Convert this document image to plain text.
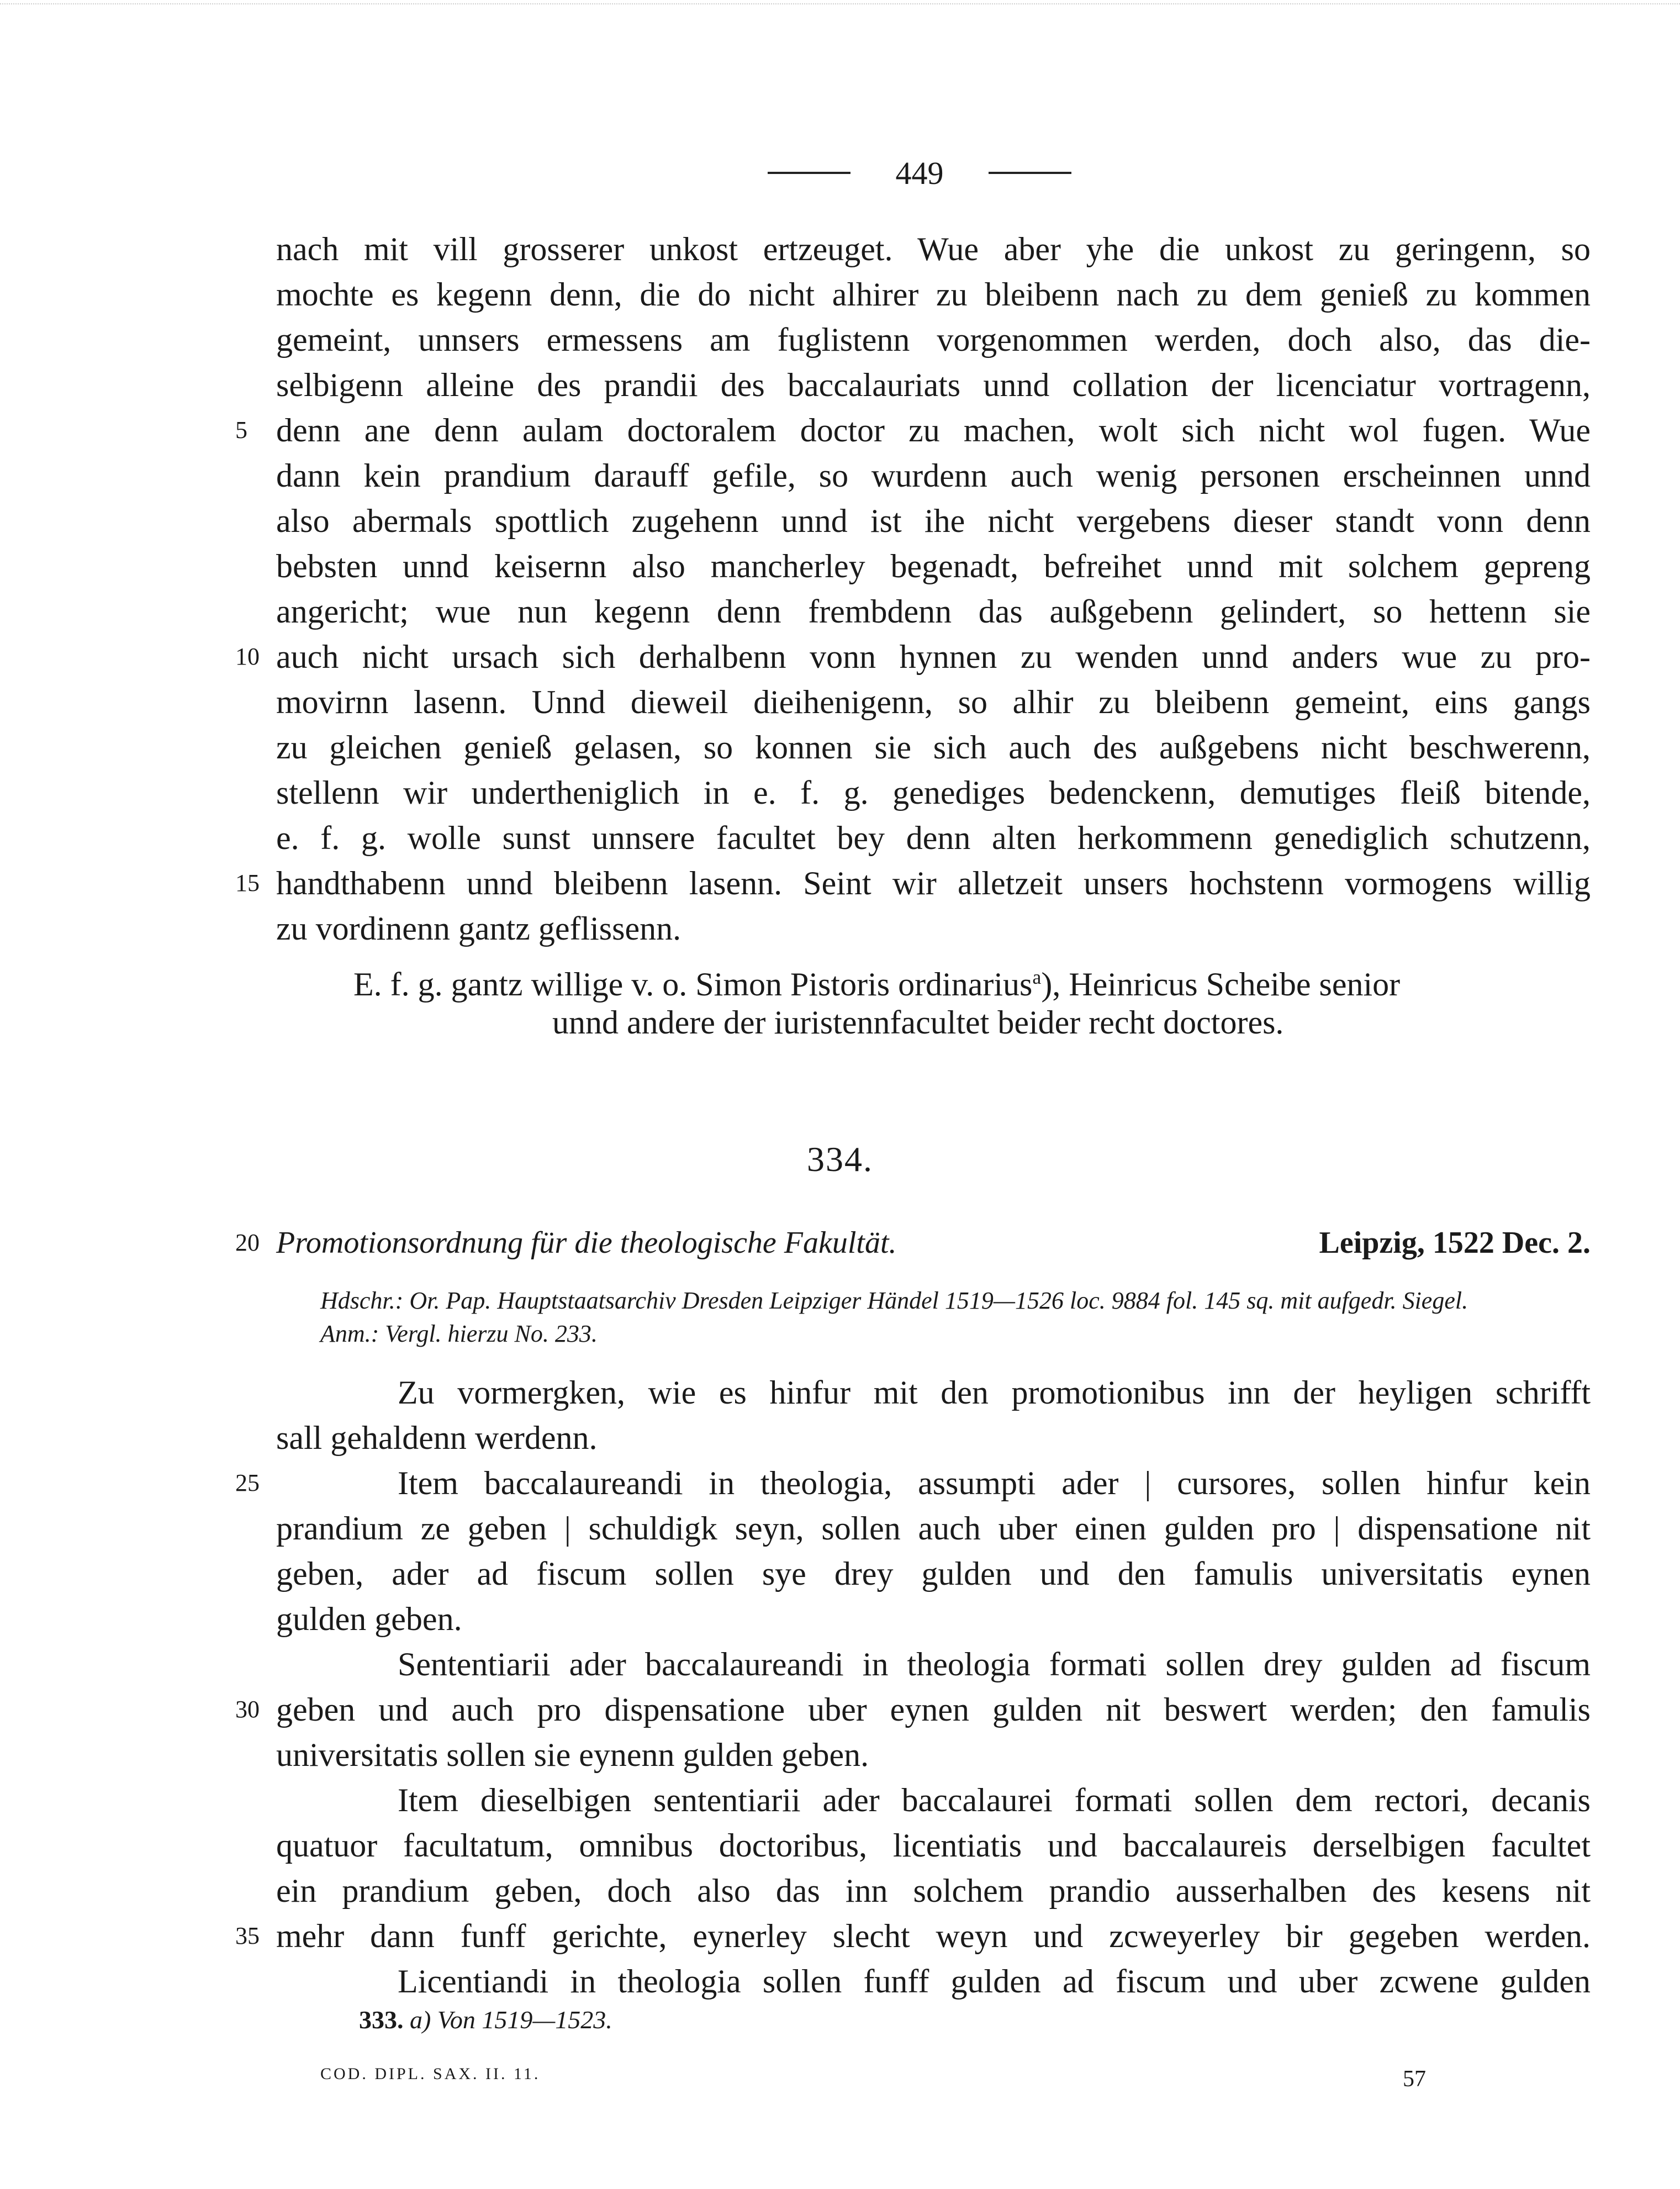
449
nach mit vill grosserer unkost ertzeuget. Wue aber yhe die unkost zu geringenn, so
mochte es kegenn denn, die do nicht alhirer zu bleibenn nach zu dem genieß zu kommen
gemeint, unnsers ermessens am fuglistenn vorgenommen werden, doch also, das die-
selbigenn alleine des prandii des baccalauriats unnd collation der licenciatur vortragenn,
5 denn ane denn aulam doctoralem doctor zu machen, wolt sich nicht wol fugen. Wue
dann kein prandium darauff gefile, so wurdenn auch wenig personen erscheinnen unnd
also abermals spottlich zugehenn unnd ist ihe nicht vergebens dieser standt vonn denn
bebsten unnd keisernn also mancherley begenadt, befreihet unnd mit solchem gepreng
angericht; wue nun kegenn denn frembdenn das außgebenn gelindert, so hettenn sie
10 auch nicht ursach sich derhalbenn vonn hynnen zu wenden unnd anders wue zu pro-
movirnn lasenn. Unnd dieweil dieihenigenn, so alhir zu bleibenn gemeint, eins gangs
zu gleichen genieß gelasen, so konnen sie sich auch des außgebens nicht beschwerenn,
stellenn wir undertheniglich in e. f. g. genediges bedenckenn, demutiges fleiß bitende,
e. f. g. wolle sunst unnsere facultet bey denn alten herkommenn genediglich schutzenn,
15 handthabenn unnd bleibenn lasenn. Seint wir alletzeit unsers hochstenn vormogens willig
zu vordinenn gantz geflissenn.
E. f. g. gantz willige v. o. Simon Pistoris ordinarius$^a$), Heinricus Scheibe senior
unnd andere der iuristennfacultet beider recht doctores.
334.
20 Promotionsordnung für die theologische Fakultät.	Leipzig, 1522 Dec. 2.
Hdschr.: Or. Pap. Hauptstaatsarchiv Dresden Leipziger Händel 1519—1526 loc. 9884 fol. 145 sq. mit aufgedr. Siegel.
Anm.: Vergl. hierzu No. 233.
Zu vormergken, wie es hinfur mit den promotionibus inn der heyligen schrifft
sall gehaldenn werdenn.
25	Item baccalaureandi in theologia, assumpti ader | cursores, sollen hinfur kein
prandium ze geben | schuldigk seyn, sollen auch uber einen gulden pro | dispensatione nit
geben, ader ad fiscum sollen sye drey gulden und den famulis universitatis eynen
gulden geben.
Sententiarii ader baccalaureandi in theologia formati sollen drey gulden ad fiscum
30 geben und auch pro dispensatione uber eynen gulden nit beswert werden; den famulis
universitatis sollen sie eynenn gulden geben.
Item dieselbigen sententiarii ader baccalaurei formati sollen dem rectori, decanis
quatuor facultatum, omnibus doctoribus, licentiatis und baccalaureis derselbigen facultet
ein prandium geben, doch also das inn solchem prandio ausserhalben des kesens nit
35 mehr dann funff gerichte, eynerley slecht weyn und zcweyerley bir gegeben werden.
Licentiandi in theologia sollen funff gulden ad fiscum und uber zcwene gulden
333. a) Von 1519—1523.
COD. DIPL. SAX. II. 11.	57
